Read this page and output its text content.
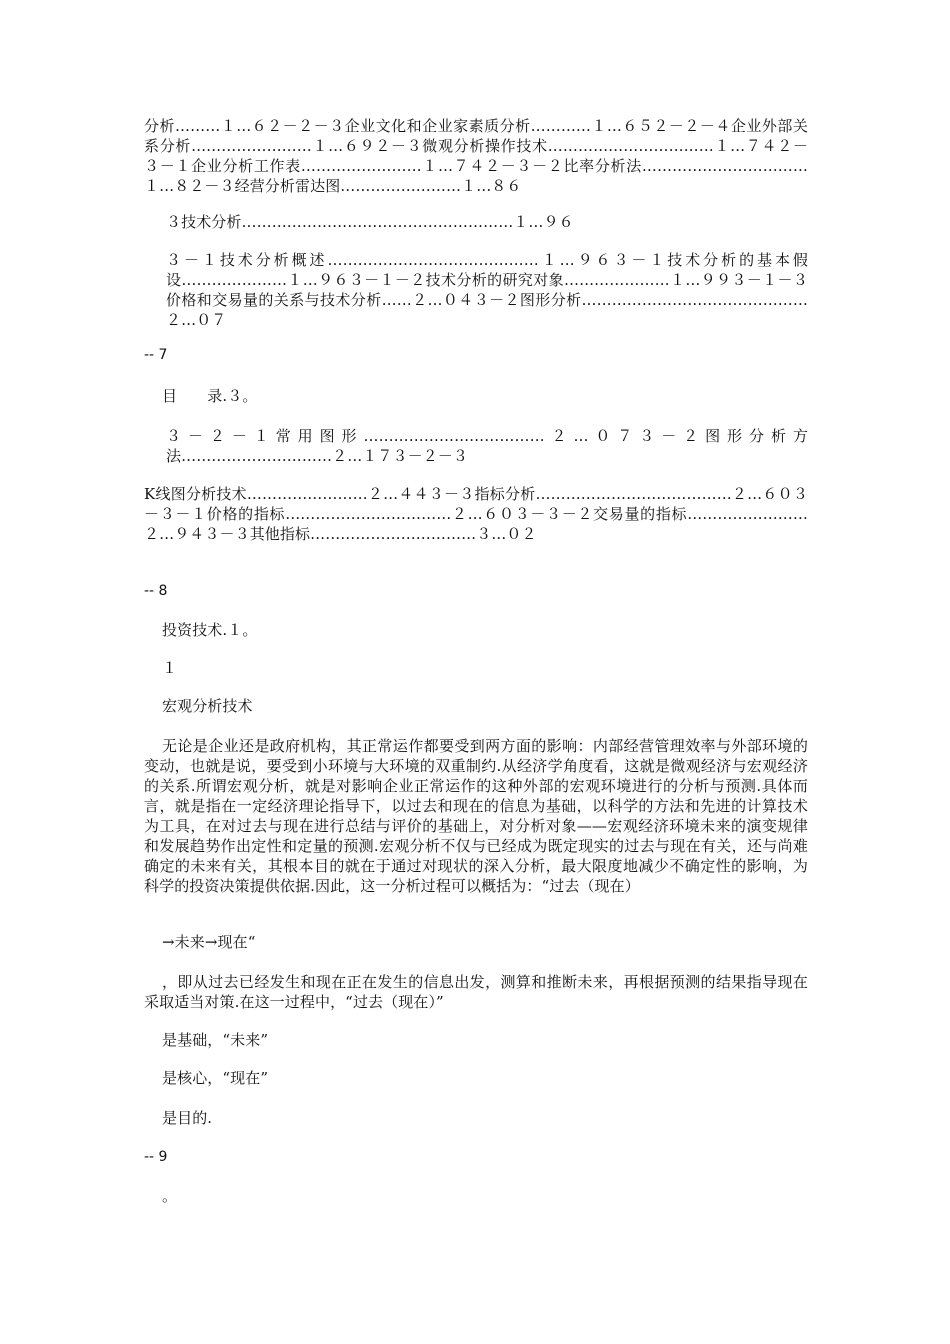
分析………１…６２－２－３企业文化和企业家素质分析…………１…６５２－２－４企业外部关系分析……………………１…６９２－３微观分析操作技术……………………………１…７４２－３－１企业分析工作表……………………１…７４２－３－２比率分析法……………………………１…８２－３经营分析雷达图……………………１…８６

３技术分析………………………………………………１…９６

３－１技术分析概述……………………………………１…９６３－１技术分析的基本假设…………………１…９６３－１－２技术分析的研究对象…………………１…９９３－１－３价格和交易量的关系与技术分析……２…０４３－２图形分析………………………………………２…０７

-- 7

目　　录.３。

３－２－１常用图形………………………………２…０７３－２图形分析方法…………………………２…１７３－２－３

K线图分析技术……………………２…４４３－３指标分析…………………………………２…６０３－３－１价格的指标……………………………２…６０３－３－２交易量的指标……………………２…９４３－３其他指标……………………………３…０２

-- 8

投资技术.１。

１

宏观分析技术

无论是企业还是政府机构，其正常运作都要受到两方面的影响：内部经营管理效率与外部环境的变动，也就是说，要受到小环境与大环境的双重制约.从经济学角度看，这就是微观经济与宏观经济的关系.所谓宏观分析，就是对影响企业正常运作的这种外部的宏观环境进行的分析与预测.具体而言，就是指在一定经济理论指导下，以过去和现在的信息为基础，以科学的方法和先进的计算技术为工具，在对过去与现在进行总结与评价的基础上，对分析对象——宏观经济环境未来的演变规律和发展趋势作出定性和定量的预测.宏观分析不仅与已经成为既定现实的过去与现在有关，还与尚难确定的未来有关，其根本目的就在于通过对现状的深入分析，最大限度地减少不确定性的影响，为科学的投资决策提供依据.因此，这一分析过程可以概括为：“过去（现在）

→未来→现在“

，即从过去已经发生和现在正在发生的信息出发，测算和推断未来，再根据预测的结果指导现在采取适当对策.在这一过程中，“过去（现在）”

是基础，“未来”

是核心，“现在”

是目的.

-- 9

。
